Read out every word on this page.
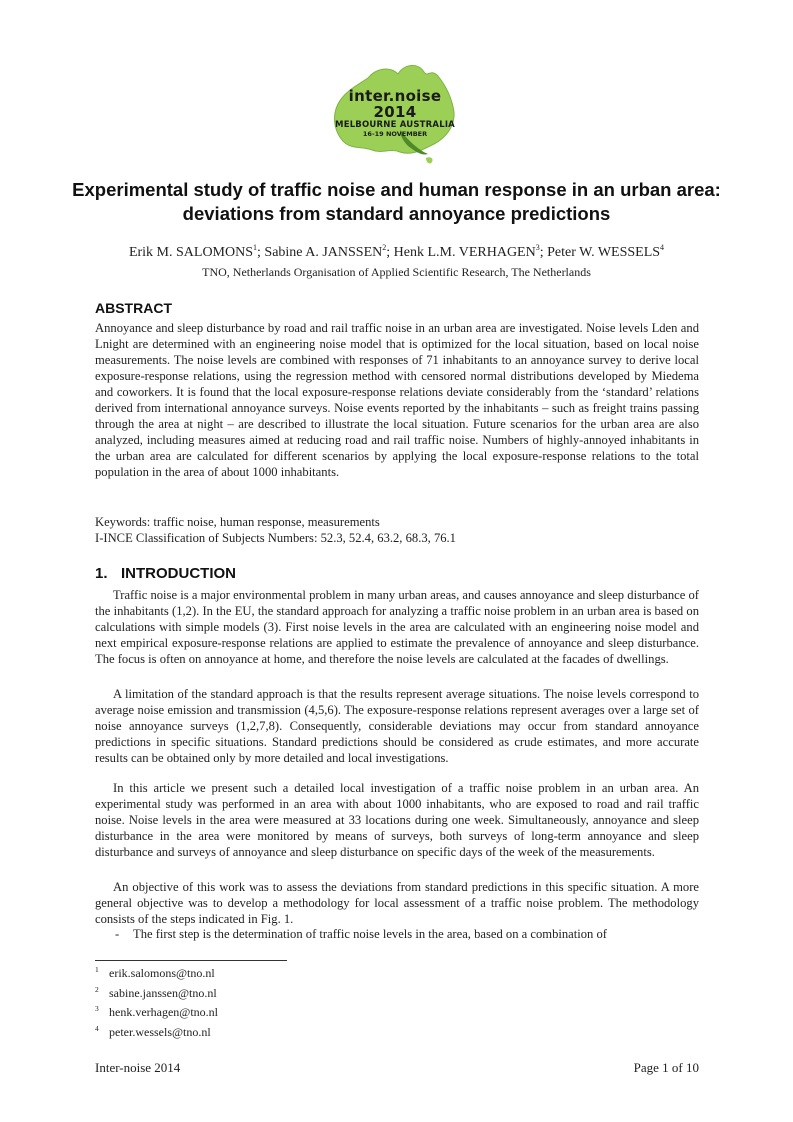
inter.noise 2014
MELBOURNE AUSTRALIA
16-19 NOVEMBER
Experimental study of traffic noise and human response in an urban area: deviations from standard annoyance predictions
Erik M. SALOMONS$^1$; Sabine A. JANSSEN$^2$; Henk L.M. VERHAGEN$^3$; Peter W. WESSELS$^4$
TNO, Netherlands Organisation of Applied Scientific Research, The Netherlands
ABSTRACT

Annoyance and sleep disturbance by road and rail traffic noise in an urban area are investigated. Noise levels Lden and Lnight are determined with an engineering noise model that is optimized for the local situation, based on local noise measurements. The noise levels are combined with responses of 71 inhabitants to an annoyance survey to derive local exposure-response relations, using the regression method with censored normal distributions developed by Miedema and coworkers. It is found that the local exposure-response relations deviate considerably from the ‘standard’ relations derived from international annoyance surveys. Noise events reported by the inhabitants – such as freight trains passing through the area at night – are described to illustrate the local situation. Future scenarios for the urban area are also analyzed, including measures aimed at reducing road and rail traffic noise. Numbers of highly-annoyed inhabitants in the urban area are calculated for different scenarios by applying the local exposure-response relations to the total population in the area of about 1000 inhabitants.

Keywords: traffic noise, human response, measurements

I-INCE Classification of Subjects Numbers: 52.3, 52.4, 63.2, 68.3, 76.1

1. INTRODUCTION

Traffic noise is a major environmental problem in many urban areas, and causes annoyance and sleep disturbance of the inhabitants (1,2). In the EU, the standard approach for analyzing a traffic noise problem in an urban area is based on calculations with simple models (3). First noise levels in the area are calculated with an engineering noise model and next empirical exposure-response relations are applied to estimate the prevalence of annoyance and sleep disturbance. The focus is often on annoyance at home, and therefore the noise levels are calculated at the facades of dwellings.

A limitation of the standard approach is that the results represent average situations. The noise levels correspond to average noise emission and transmission (4,5,6). The exposure-response relations represent averages over a large set of noise annoyance surveys (1,2,7,8). Consequently, considerable deviations may occur from standard annoyance predictions in specific situations. Standard predictions should be considered as crude estimates, and more accurate results can be obtained only by more detailed and local investigations.

In this article we present such a detailed local investigation of a traffic noise problem in an urban area. An experimental study was performed in an area with about 1000 inhabitants, who are exposed to road and rail traffic noise. Noise levels in the area were measured at 33 locations during one week. Simultaneously, annoyance and sleep disturbance in the area were monitored by means of surveys, both surveys of long-term annoyance and sleep disturbance and surveys of annoyance and sleep disturbance on specific days of the week of the measurements.

An objective of this work was to assess the deviations from standard predictions in this specific situation. A more general objective was to develop a methodology for local assessment of a traffic noise problem. The methodology consists of the steps indicated in Fig. 1.

- The first step is the determination of traffic noise levels in the area, based on a combination of
$^1$ erik.salomons@tno.nl
$^2$ sabine.janssen@tno.nl
$^3$ henk.verhagen@tno.nl
$^4$ peter.wessels@tno.nl
Inter-noise 2014	Page 1 of 10
